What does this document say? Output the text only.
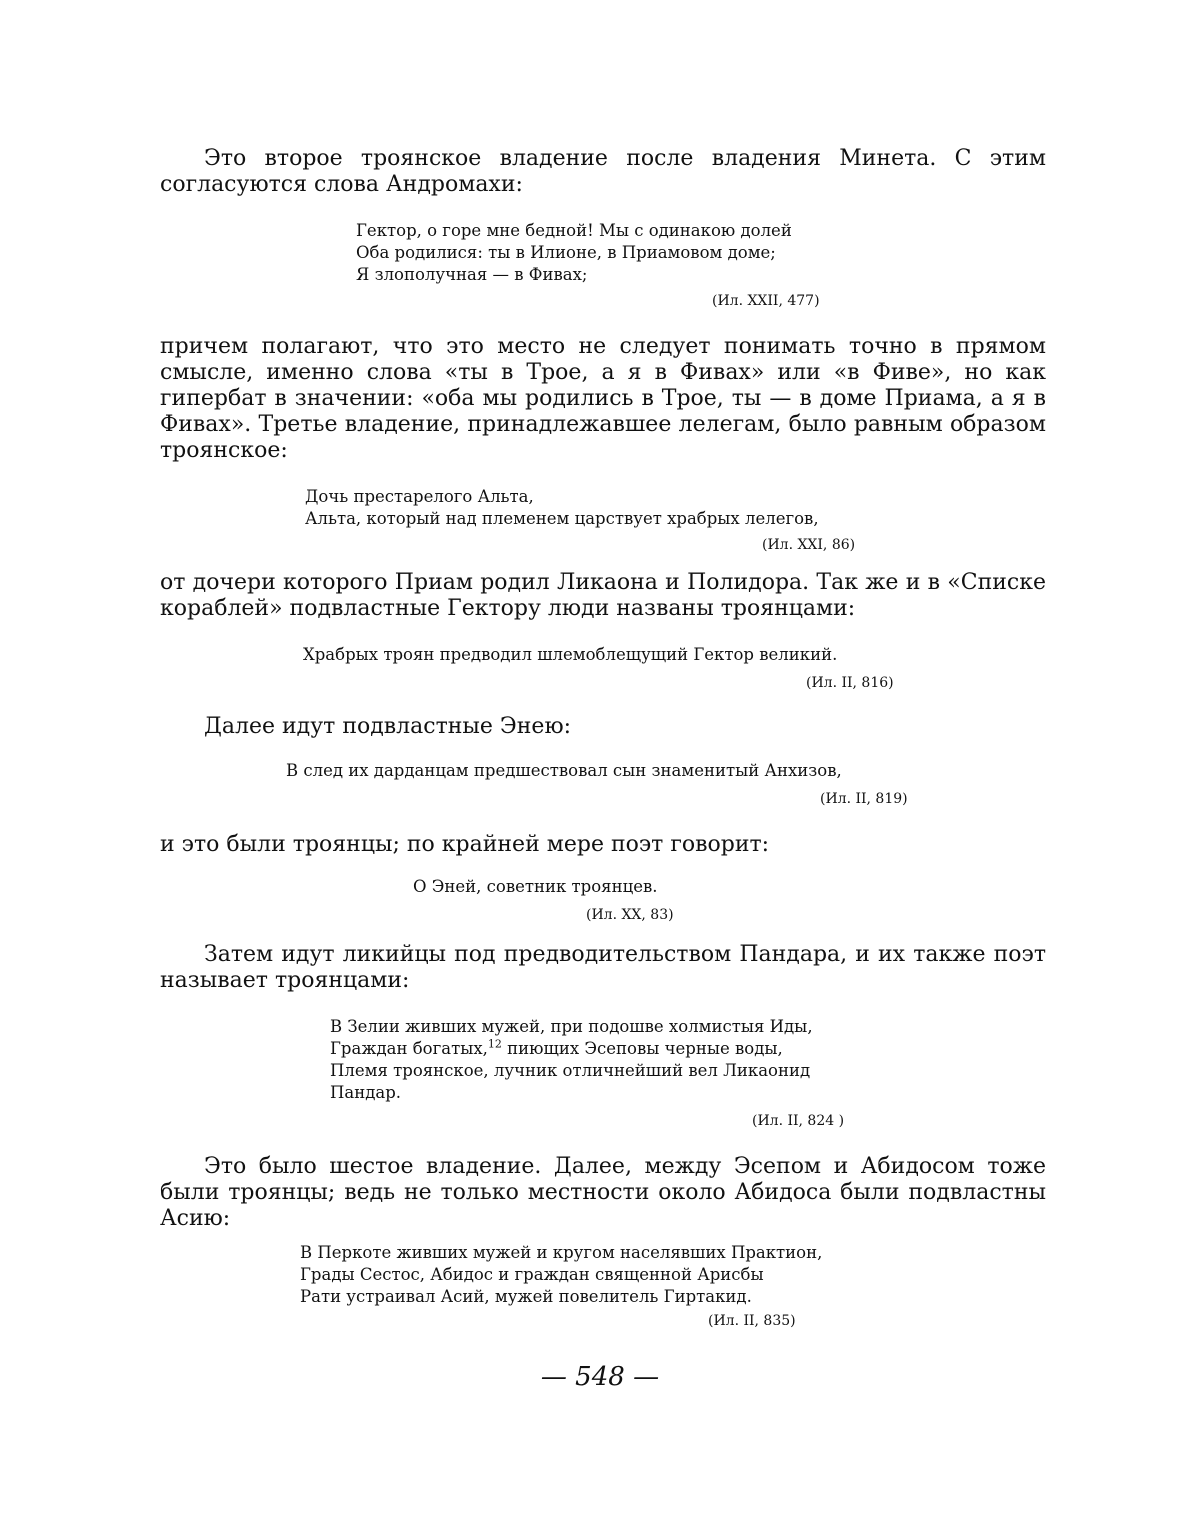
Это второе троянское владение после владения Минета. С этим согласуются слова Андромахи:

Гектор, о горе мне бедной! Мы с одинакою долей
Оба родилися: ты в Илионе, в Приамовом доме;
Я злополучная — в Фивах;
(Ил. XXII, 477)

причем полагают, что это место не следует понимать точно в прямом смысле, именно слова «ты в Трое, а я в Фивах» или «в Фиве», но как гипербат в значении: «оба мы родились в Трое, ты — в доме Приама, а я в Фивах». Третье владение, принадлежавшее лелегам, было равным образом троянское:

Дочь престарелого Альта,
Альта, который над племенем царствует храбрых лелегов,
(Ил. XXI, 86)

от дочери которого Приам родил Ликаона и Полидора. Так же и в «Списке кораблей» подвластные Гектору люди названы троянцами:

Храбрых троян предводил шлемоблещущий Гектор великий.
(Ил. II, 816)

Далее идут подвластные Энею:

В след их дарданцам предшествовал сын знаменитый Анхизов,
(Ил. II, 819)

и это были троянцы; по крайней мере поэт говорит:

О Эней, советник троянцев.
(Ил. XX, 83)

Затем идут ликийцы под предводительством Пандара, и их также поэт называет троянцами:

В Зелии живших мужей, при подошве холмистыя Иды,
Граждан богатых,$^{12}$ пиющих Эсеповы черные воды,
Племя троянское, лучник отличнейший вел Ликаонид
Пандар.
(Ил. II, 824 )

Это было шестое владение. Далее, между Эсепом и Абидосом тоже были троянцы; ведь не только местности около Абидоса были подвластны Асию:

В Перкоте живших мужей и кругом населявших Практион,
Грады Сестос, Абидос и граждан священной Арисбы
Рати устраивал Асий, мужей повелитель Гиртакид.
(Ил. II, 835)
— 548 —
